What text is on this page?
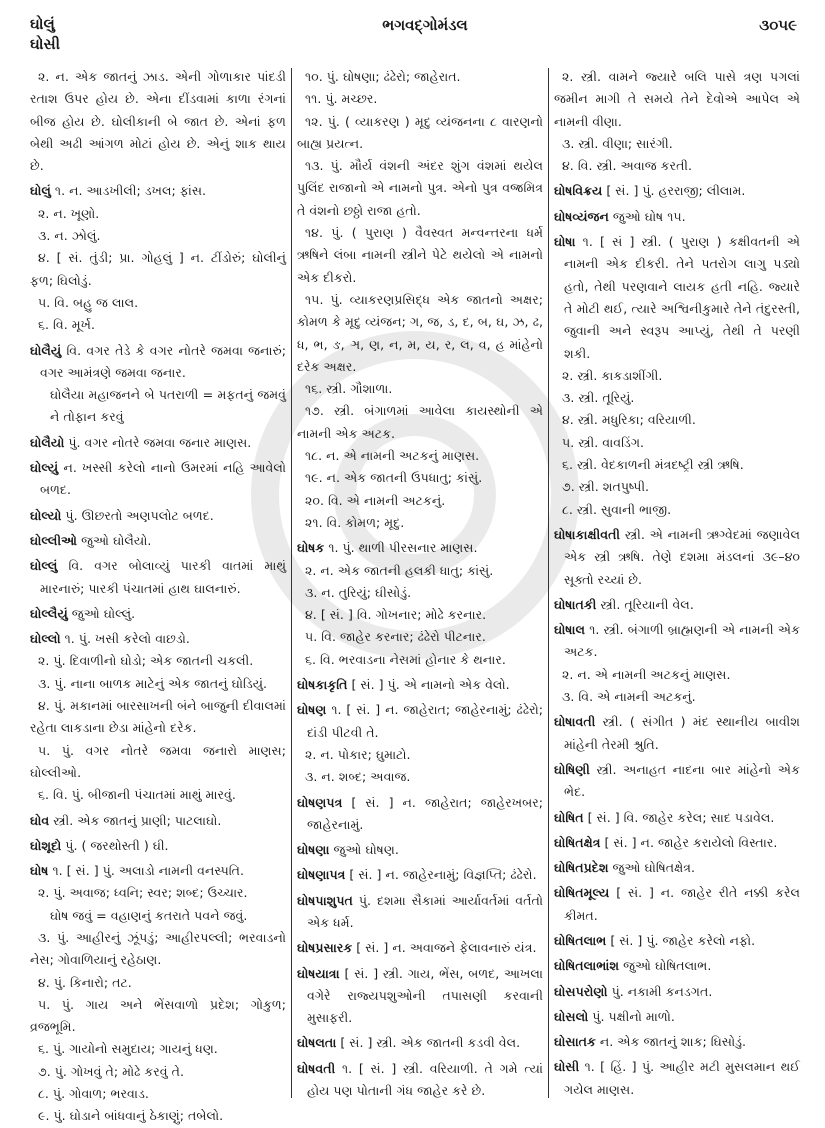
ઘોલું
ઘોસી
ભગવદ્ગોમંડલ	૩૦૫૯

૨. ન. એક જાતનું ઝાડ. એની ગોળાકાર પાંદડી રતાશ ઉપર હોય છે. એના દીંડવામાં કાળા રંગનાં બીજ હોય છે. ઘોલીકાની બે જાત છે. એનાં ફળ બેથી અઢી આંગળ મોટાં હોય છે. એનું શાક થાય છે.

ઘોલું ૧. ન. આડખીલી; ડખલ; ફાંસ.

૨. ન. ખૂણો.

૩. ન. ઝોલું.

૪. [ સં. તુંડી; પ્રા. ગોહલું ] ન. ટીંડોરું; ઘોલીનું ફળ; ઘિલોડું.

૫. વિ. બહુ જ લાલ.

૬. વિ. મૂર્ખ.

ઘોલૈયું વિ. વગર તેડે કે વગર નોતરે જમવા જનારું; વગર આમંત્રણે જમવા જનાર.

ઘોલૈયા મહાજનને બે પતરાળી = મફતનું જમવું ને તોફાન કરવું

ઘોલૈયો પું. વગર નોતરે જમવા જનાર માણસ.

ઘોલ્યું ન. ખસ્સી કરેલો નાનો ઉમરમાં નહિ આવેલો બળદ.

ઘોલ્યો પું. ઊછરતો અણપલોટ બળદ.

ઘોલ્લીઓ જુઓ ઘોલૈયો.

ઘોલ્લું વિ. વગર બોલાવ્યું પારકી વાતમાં માથું મારનારું; પારકી પંચાતમાં હાથ ઘાલનારું.

ઘોલ્લૈયું જુઓ ઘોલ્લું.

ઘોલ્લો ૧. પું. ખસી કરેલો વાછડો.

૨. પું. દિવાળીનો ઘોડો; એક જાતની ચકલી.

૩. પું. નાના બાળક માટેનું એક જાતનું ઘોડિયું.

૪. પું. મકાનમાં બારસાખની બંને બાજુની દીવાલમાં રહેતા લાકડાના છેડા માંહેનો દરેક.

૫. પું. વગર નોતરે જમવા જનારો માણસ; ઘોલ્લીઓ.

૬. વિ. પું. બીજાની પંચાતમાં માથું મારવું.

ઘોવ સ્ત્રી. એક જાતનું પ્રાણી; પાટલાઘો.

ઘોશૂદો પું. ( જરથોસ્તી ) ઘી.

ઘોષ ૧. [ સં. ] પું. અલાડો નામની વનસ્પતિ.

૨. પું. અવાજ; ધ્વનિ; સ્વર; શબ્દ; ઉચ્ચાર.

ઘોષ જવું = વહાણનું કતરાતે પવને જવું.

૩. પું. આહીરનું ઝૂંપડું; આહીરપલ્લી; ભરવાડનો નેસ; ગોવાળિયાનું રહેઠાણ.

૪. પું. કિનારો; તટ.

૫. પું. ગાય અને ભેંસવાળો પ્રદેશ; ગોકુળ; વ્રજભૂમિ.

૬. પું. ગાયોનો સમુદાય; ગાયનું ધણ.

૭. પું. ગોખવું તે; મોઢે કરવું તે.

૮. પું. ગોવાળ; ભરવાડ.

૯. પું. ઘોડાને બાંધવાનું ઠેકાણું; તબેલો.

૧૦. પું. ઘોષણા; ઢંઢેરો; જાહેરાત.

૧૧. પું. મચ્છર.

૧૨. પું. ( વ્યાકરણ ) મૃદુ વ્યંજનના ૮ વારણનો બાહ્ય પ્રયત્ન.

૧૩. પું. મૌર્ય વંશની અંદર શુંગ વંશમાં થયેલ પુલિંદ રાજાનો એ નામનો પુત્ર. એનો પુત્ર વજ્રમિત્ર તે વંશનો છઠ્ઠો રાજા હતો.

૧૪. પું. ( પુરાણ ) વૈવસ્વત મન્વન્તરના ધર્મ ઋષિને લંબા નામની સ્ત્રીને પેટે થયેલો એ નામનો એક દીકરો.

૧૫. પું. વ્યાકરણપ્રસિદ્ધ એક જાતનો અક્ષર; કોમળ કે મૃદુ વ્યંજન; ગ, જ, ડ, દ, બ, ઘ, ઝ, ઢ, ધ, ભ, ઙ, ઞ, ણ, ન, મ, ય, ર, લ, વ, હ માંહેનો દરેક અક્ષર.

૧૬. સ્ત્રી. ગૌશાળા.

૧૭. સ્ત્રી. બંગાળમાં આવેલા કાયસ્થોની એ નામની એક અટક.

૧૮. ન. એ નામની અટકનું માણસ.

૧૯. ન. એક જાતની ઉપધાતુ; કાંસું.

૨૦. વિ. એ નામની અટકનું.

૨૧. વિ. કોમળ; મૃદુ.

ઘોષક ૧. પું. થાળી પીરસનાર માણસ.

૨. ન. એક જાતની હલકી ધાતુ; કાંસું.

૩. ન. તુરિયું; ઘીસોડું.

૪. [ સં. ] વિ. ગોખનાર; મોઢે કરનાર.

૫. વિ. જાહેર કરનાર; ઢંઢેરો પીટનાર.

૬. વિ. ભરવાડના નેસમાં હોનાર કે થનાર.

ઘોષકાકૃતિ [ સં. ] પું. એ નામનો એક વેલો.

ઘોષણ ૧. [ સં. ] ન. જાહેરાત; જાહેરનામું; ઢંઢેરો; દાંડી પીટવી તે.

૨. ન. પોકાર; ઘુમાટો.

૩. ન. શબ્દ; અવાજ.

ઘોષણપત્ર [ સં. ] ન. જાહેરાત; જાહેરખબર; જાહેરનામું.

ઘોષણા જુઓ ઘોષણ.

ઘોષણાપત્ર [ સં. ] ન. જાહેરનામું; વિજ્ઞપ્તિ; ઢંઢેરો.

ઘોષપાશુપત પું. દશમા સૈકામાં આર્યાવર્તમાં વર્તતો એક ધર્મ.

ઘોષપ્રસારક [ સં. ] ન. અવાજને ફેલાવનારું યંત્ર.

ઘોષયાત્રા [ સં. ] સ્ત્રી. ગાય, ભેંસ, બળદ, આખલા વગેરે રાજ્યપશુઓની તપાસણી કરવાની મુસાફરી.

ઘોષલતા [ સં. ] સ્ત્રી. એક જાતની કડવી વેલ.

ઘોષવતી ૧. [ સં. ] સ્ત્રી. વરિયાળી. તે ગમે ત્યાં હોય પણ પોતાની ગંધ જાહેર કરે છે.

૨. સ્ત્રી. વામને જ્યારે બલિ પાસે ત્રણ પગલાં જમીન માગી તે સમયે તેને દેવોએ આપેલ એ નામની વીણા.

૩. સ્ત્રી. વીણા; સારંગી.

૪. વિ. સ્ત્રી. અવાજ કરતી.

ઘોષવિક્રય [ સં. ] પું. હરરાજી; લીલામ.

ઘોષવ્યંજન જુઓ ઘોષ ૧૫.

ઘોષા ૧. [ સં ] સ્ત્રી. ( પુરાણ ) કક્ષીવતની એ નામની એક દીકરી. તેને પતરોગ લાગુ પડ્યો હતો, તેથી પરણવાને લાયક હતી નહિ. જ્યારે તે મોટી થઈ, ત્યારે અશ્વિનીકુમારે તેને તંદુરસ્તી, જુવાની અને સ્વરૂપ આપ્યું, તેથી તે પરણી શકી.

૨. સ્ત્રી. કાકડાશીંગી.

૩. સ્ત્રી. તૂરિયું.

૪. સ્ત્રી. મધુરિકા; વરિયાળી.

૫. સ્ત્રી. વાવડિંગ.

૬. સ્ત્રી. વેદકાળની મંત્રદષ્ટ્રી સ્ત્રી ઋષિ.

૭. સ્ત્રી. શતપુષ્પી.

૮. સ્ત્રી. સુવાની ભાજી.

ઘોષાકાક્ષીવતી સ્ત્રી. એ નામની ઋગ્વેદમાં જણાવેલ એક સ્ત્રી ઋષિ. તેણે દશમા મંડલનાં ૩૯–૪૦ સૂક્તો રચ્યાં છે.

ઘોષાતકી સ્ત્રી. તૂરિયાની વેલ.

ઘોષાલ ૧. સ્ત્રી. બંગાળી બ્રાહ્મણની એ નામની એક અટક.

૨. ન. એ નામની અટકનું માણસ.

૩. વિ. એ નામની અટકનું.

ઘોષાવતી સ્ત્રી. ( સંગીત ) મંદ સ્થાનીય બાવીશ માંહેની તેરમી શ્રુતિ.

ઘોષિણી સ્ત્રી. અનાહત નાદના બાર માંહેનો એક ભેદ.

ઘોષિત [ સં. ] વિ. જાહેર કરેલ; સાદ પડાવેલ.

ઘોષિતક્ષેત્ર [ સં. ] ન. જાહેર કરાયેલો વિસ્તાર.

ઘોષિતપ્રદેશ જુઓ ઘોષિતક્ષેત્ર.

ઘોષિતમૂલ્ય [ સં. ] ન. જાહેર રીતે નક્કી કરેલ કીમત.

ઘોષિતલાભ [ સં. ] પું. જાહેર કરેલો નફો.

ઘોષિતલાભાંશ જુઓ ઘોષિતલાભ.

ઘોસપરોણો પું. નકામી કનડગત.

ઘોસલો પું. પક્ષીનો માળો.

ઘોસાતક ન. એક જાતનું શાક; ઘિસોડું.

ઘોસી ૧. [ હિં. ] પું. આહીર મટી મુસલમાન થઈ ગયેલ માણસ.
